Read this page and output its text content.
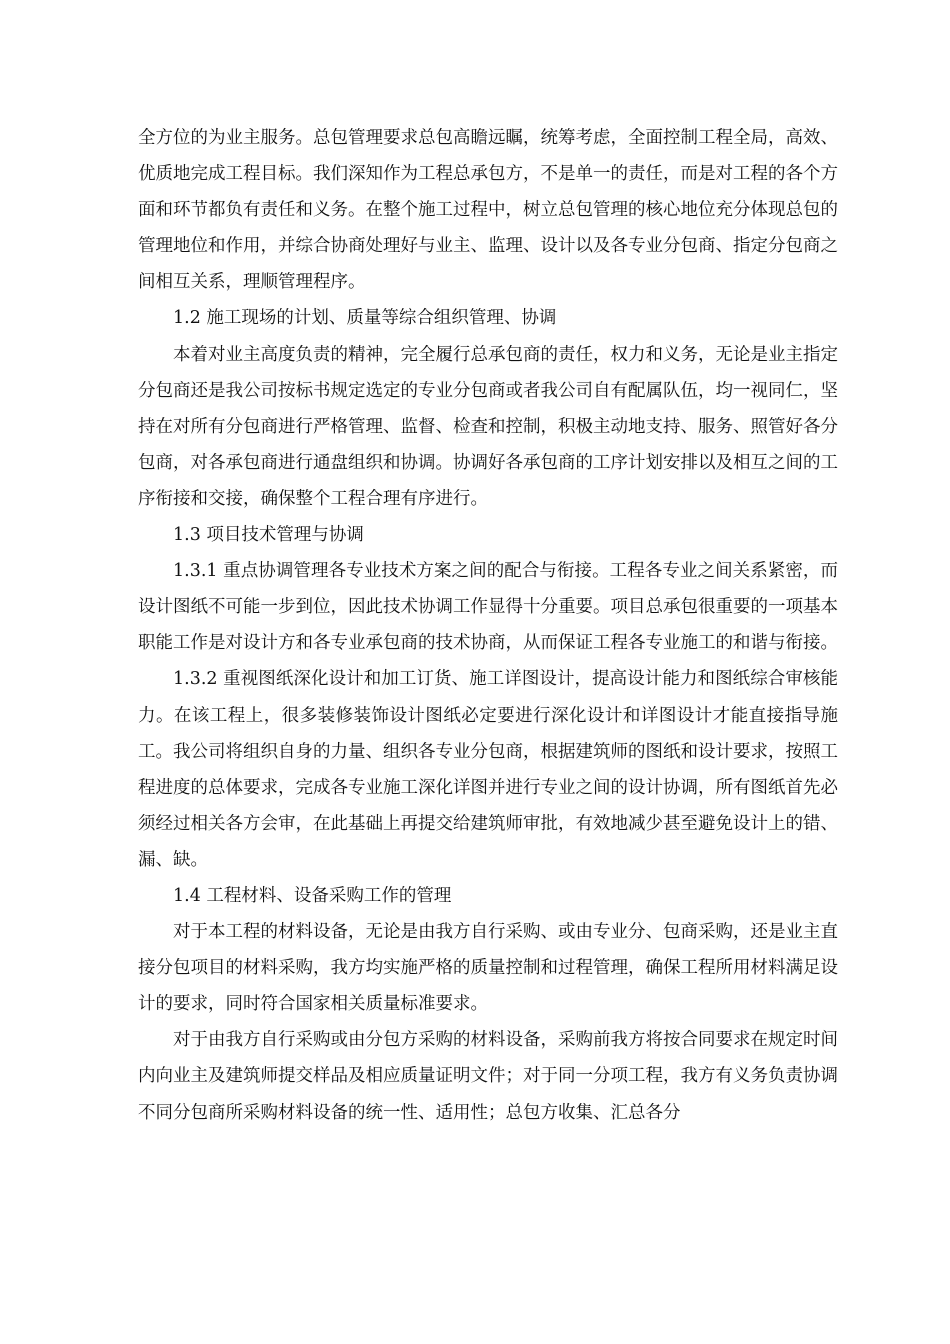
全方位的为业主服务。总包管理要求总包高瞻远瞩，统筹考虑，全面控制工程全局，高效、优质地完成工程目标。我们深知作为工程总承包方，不是单一的责任，而是对工程的各个方面和环节都负有责任和义务。在整个施工过程中，树立总包管理的核心地位充分体现总包的管理地位和作用，并综合协商处理好与业主、监理、设计以及各专业分包商、指定分包商之间相互关系，理顺管理程序。

1.2 施工现场的计划、质量等综合组织管理、协调

本着对业主高度负责的精神，完全履行总承包商的责任，权力和义务，无论是业主指定分包商还是我公司按标书规定选定的专业分包商或者我公司自有配属队伍，均一视同仁，坚持在对所有分包商进行严格管理、监督、检查和控制，积极主动地支持、服务、照管好各分包商，对各承包商进行通盘组织和协调。协调好各承包商的工序计划安排以及相互之间的工序衔接和交接，确保整个工程合理有序进行。

1.3 项目技术管理与协调

1.3.1 重点协调管理各专业技术方案之间的配合与衔接。工程各专业之间关系紧密，而设计图纸不可能一步到位，因此技术协调工作显得十分重要。项目总承包很重要的一项基本职能工作是对设计方和各专业承包商的技术协商，从而保证工程各专业施工的和谐与衔接。

1.3.2 重视图纸深化设计和加工订货、施工详图设计，提高设计能力和图纸综合审核能力。在该工程上，很多装修装饰设计图纸必定要进行深化设计和详图设计才能直接指导施工。我公司将组织自身的力量、组织各专业分包商，根据建筑师的图纸和设计要求，按照工程进度的总体要求，完成各专业施工深化详图并进行专业之间的设计协调，所有图纸首先必须经过相关各方会审，在此基础上再提交给建筑师审批，有效地减少甚至避免设计上的错、漏、缺。

1.4 工程材料、设备采购工作的管理

对于本工程的材料设备，无论是由我方自行采购、或由专业分、包商采购，还是业主直接分包项目的材料采购，我方均实施严格的质量控制和过程管理，确保工程所用材料满足设计的要求，同时符合国家相关质量标准要求。

对于由我方自行采购或由分包方采购的材料设备，采购前我方将按合同要求在规定时间内向业主及建筑师提交样品及相应质量证明文件；对于同一分项工程，我方有义务负责协调不同分包商所采购材料设备的统一性、适用性；总包方收集、汇总各分
